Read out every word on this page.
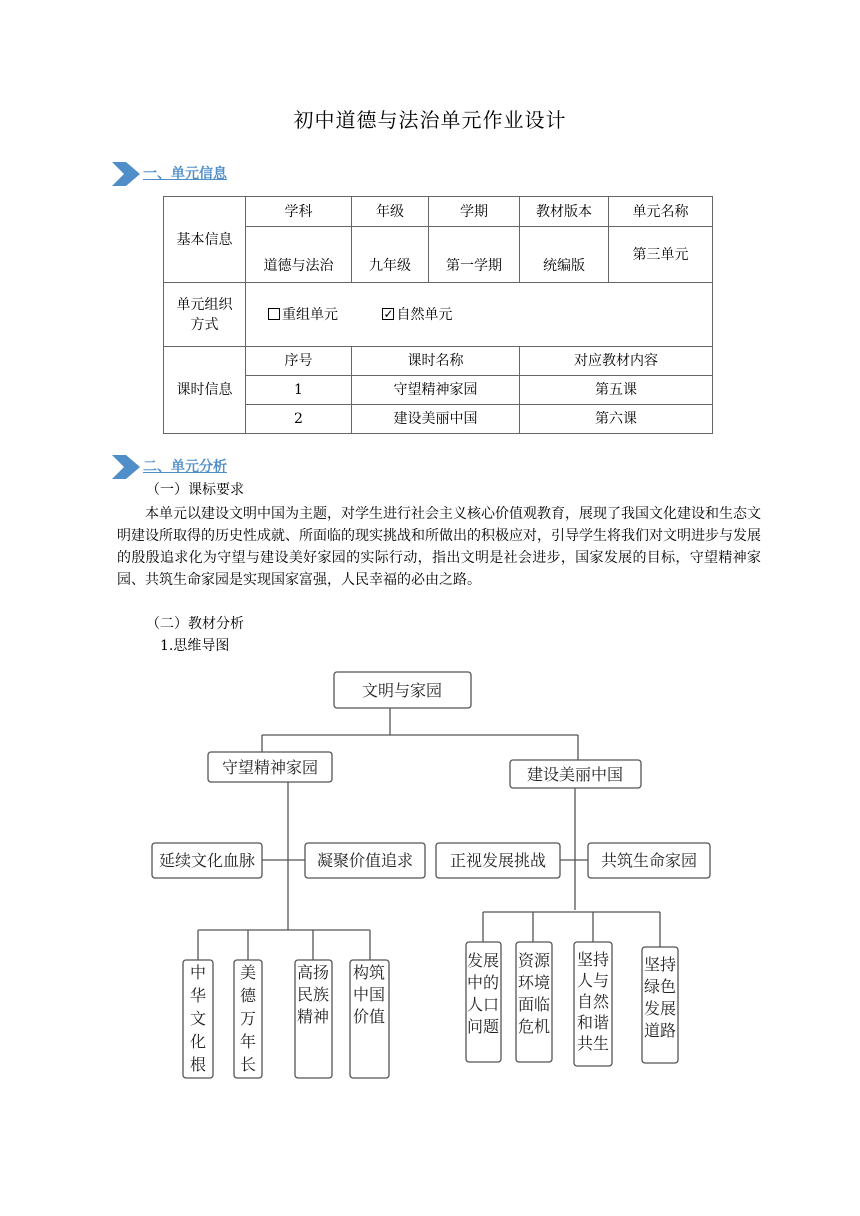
初中道德与法治单元作业设计
一、单元信息
基本信息	学科	年级	学期	教材版本	单元名称
	道德与法治	九年级	第一学期	统编版	第三单元
单元组织方式	重组单元 ✓ 自然单元
课时信息	序号	课时名称		对应教材内容	
	1	守望精神家园		第五课	
	2	建设美丽中国		第六课	
二、单元分析
（一）课标要求
本单元以建设文明中国为主题，对学生进行社会主义核心价值观教育，展现了我国文化建设和生态文明建设所取得的历史性成就、所面临的现实挑战和所做出的积极应对，引导学生将我们对文明进步与发展的殷殷追求化为守望与建设美好家园的实际行动，指出文明是社会进步，国家发展的目标，守望精神家园、共筑生命家园是实现国家富强，人民幸福的必由之路。
（二）教材分析
1.思维导图
文明与家园
守望精神家园	建设美丽中国
延续文化血脉	凝聚价值追求 正视发展挑战	共筑生命家园
中
华
文
化
根
美
德
万
年
长
高扬
民族
精神
构筑
中国
价值
发展
中的
人口
问题
资源
环境
面临
危机
坚持
人与
自然
和谐
共生
坚持
绿色
发展
道路
